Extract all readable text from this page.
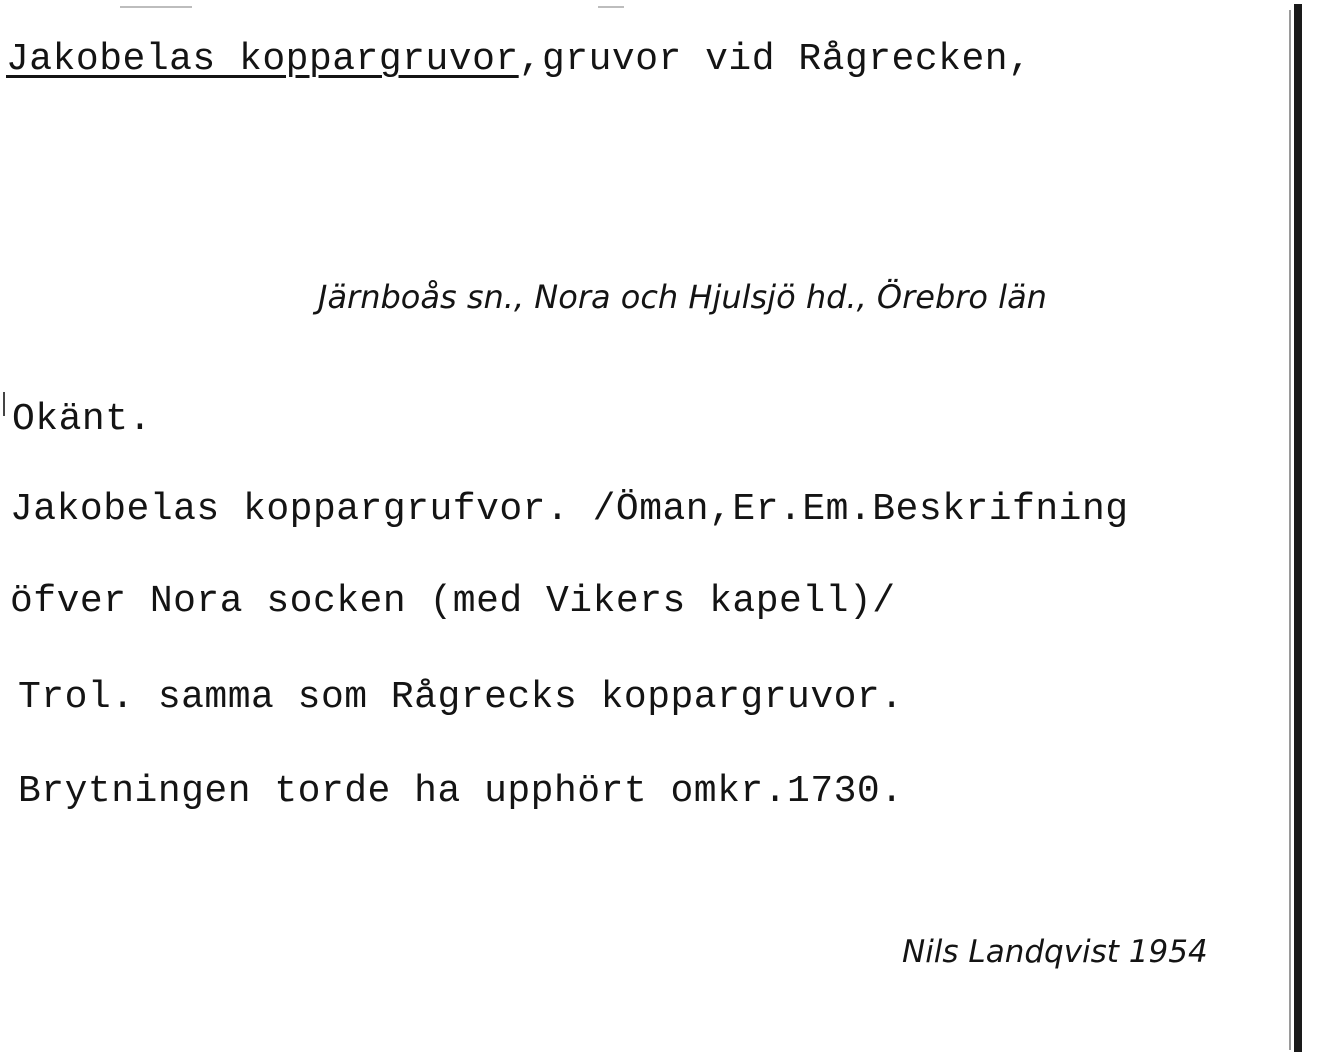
Jakobelas koppargruvor,gruvor vid Rågrecken,
Järnboås sn., Nora och Hjulsjö hd., Örebro län
Okänt.
Jakobelas koppargrufvor. /Öman,Er.Em.Beskrifning
öfver Nora socken (med Vikers kapell)/
Trol. samma som Rågrecks koppargruvor.
Brytningen torde ha upphört omkr.1730.
Nils Landqvist 1954
